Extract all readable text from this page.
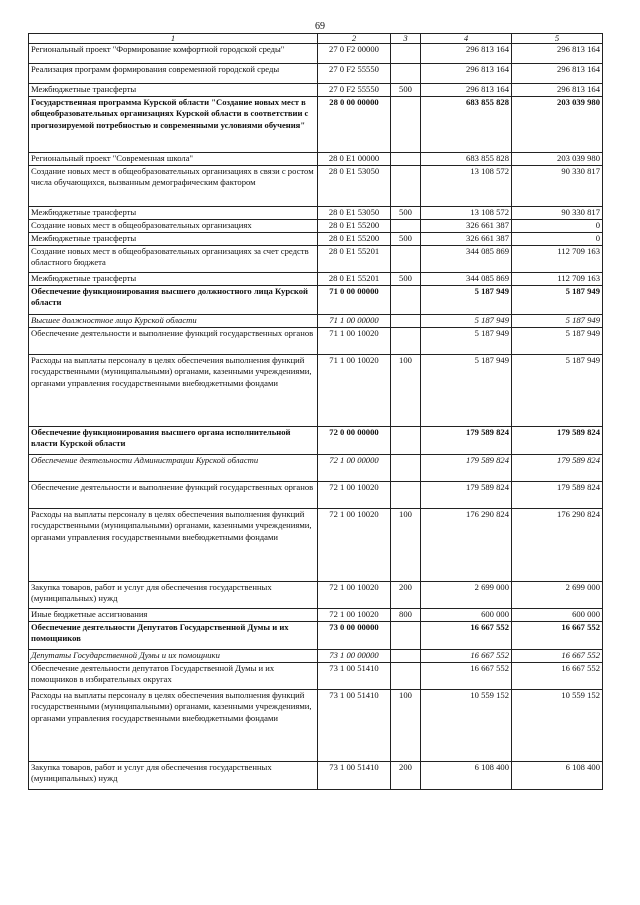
69
1	2	3	4	5
Региональный проект "Формирование комфортной городской среды"	27 0 F2 00000		296 813 164	296 813 164
Реализация программ формирования современной городской среды	27 0 F2 55550		296 813 164	296 813 164
Межбюджетные трансферты	27 0 F2 55550	500	296 813 164	296 813 164
Государственная программа Курской области "Создание новых мест в общеобразовательных организациях Курской области в соответствии с прогнозируемой потребностью и современными условиями обучения"	28 0 00 00000		683 855 828	203 039 980
Региональный проект "Современная школа"	28 0 E1 00000		683 855 828	203 039 980
Создание новых мест в общеобразовательных организациях в связи с ростом числа обучающихся, вызванным демографическим фактором	28 0 E1 53050		13 108 572	90 330 817
Межбюджетные трансферты	28 0 E1 53050	500	13 108 572	90 330 817
Создание новых мест в общеобразовательных организациях	28 0 E1 55200		326 661 387	0
Межбюджетные трансферты	28 0 E1 55200	500	326 661 387	0
Создание новых мест в общеобразовательных организациях за счет средств областного бюджета	28 0 E1 55201		344 085 869	112 709 163
Межбюджетные трансферты	28 0 E1 55201	500	344 085 869	112 709 163
Обеспечение функционирования высшего должностного лица Курской области	71 0 00 00000		5 187 949	5 187 949
Высшее должностное лицо Курской области	71 1 00 00000		5 187 949	5 187 949
Обеспечение деятельности и выполнение функций государственных органов	71 1 00 10020		5 187 949	5 187 949
Расходы на выплаты персоналу в целях обеспечения выполнения функций государственными (муниципальными) органами, казенными учреждениями, органами управления государственными внебюджетными фондами	71 1 00 10020	100	5 187 949	5 187 949
Обеспечение функционирования высшего органа исполнительной власти Курской области	72 0 00 00000		179 589 824	179 589 824
Обеспечение деятельности Администрации Курской области	72 1 00 00000		179 589 824	179 589 824
Обеспечение деятельности и выполнение функций государственных органов	72 1 00 10020		179 589 824	179 589 824
Расходы на выплаты персоналу в целях обеспечения выполнения функций государственными (муниципальными) органами, казенными учреждениями, органами управления государственными внебюджетными фондами	72 1 00 10020	100	176 290 824	176 290 824
Закупка товаров, работ и услуг для обеспечения государственных (муниципальных) нужд	72 1 00 10020	200	2 699 000	2 699 000
Иные бюджетные ассигнования	72 1 00 10020	800	600 000	600 000
Обеспечение деятельности Депутатов Государственной Думы и их помощников	73 0 00 00000		16 667 552	16 667 552
Депутаты Государственной Думы и их помощники	73 1 00 00000		16 667 552	16 667 552
Обеспечение деятельности депутатов Государственной Думы и их помощников в избирательных округах	73 1 00 51410		16 667 552	16 667 552
Расходы на выплаты персоналу в целях обеспечения выполнения функций государственными (муниципальными) органами, казенными учреждениями, органами управления государственными внебюджетными фондами	73 1 00 51410	100	10 559 152	10 559 152
Закупка товаров, работ и услуг для обеспечения государственных (муниципальных) нужд	73 1 00 51410	200	6 108 400	6 108 400
